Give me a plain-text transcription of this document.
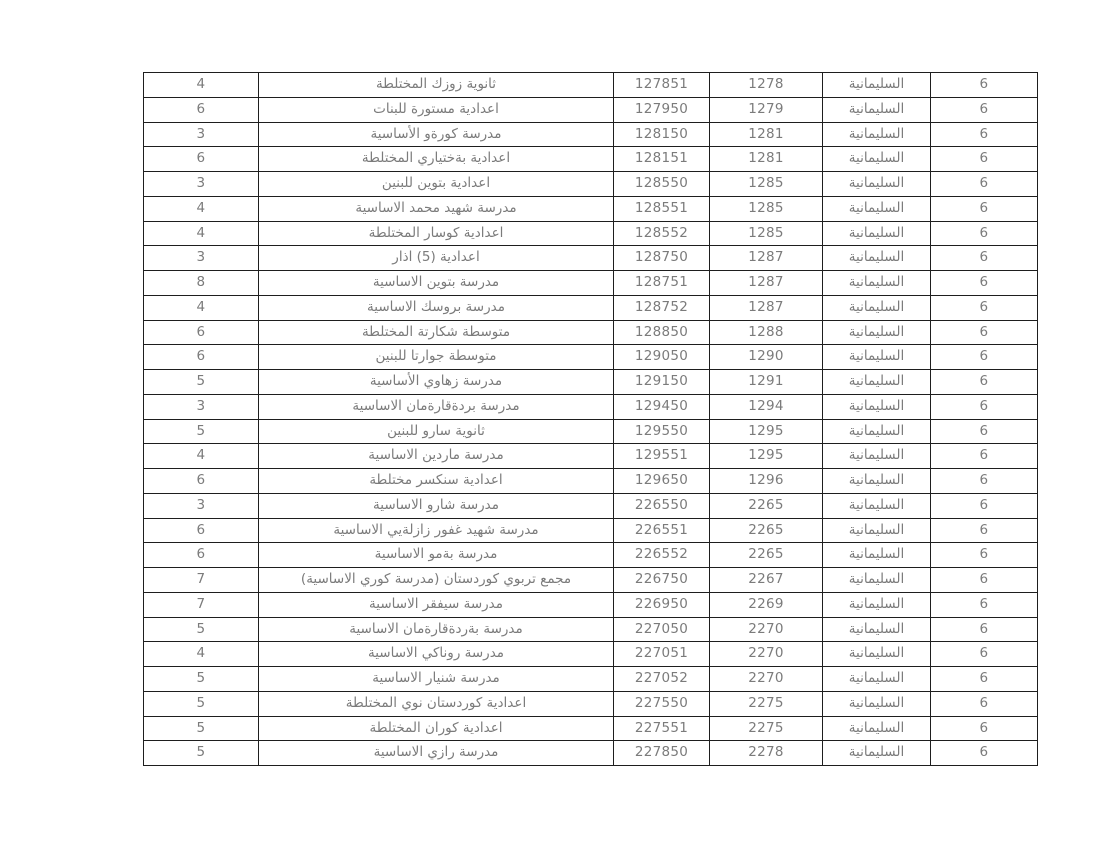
4	ثانوية زوزك المختلطة	127851	1278	السليمانية	6
6	اعدادية مستورة للبنات	127950	1279	السليمانية	6
3	مدرسة كورةو الأساسية	128150	1281	السليمانية	6
6	اعدادية بةختياري المختلطة	128151	1281	السليمانية	6
3	اعدادية بتوين للبنين	128550	1285	السليمانية	6
4	مدرسة شهيد محمد الاساسية	128551	1285	السليمانية	6
4	اعدادية كوسار المختلطة	128552	1285	السليمانية	6
3	اعدادية (5) اذار	128750	1287	السليمانية	6
8	مدرسة بتوين الاساسية	128751	1287	السليمانية	6
4	مدرسة بروسك الاساسية	128752	1287	السليمانية	6
6	متوسطة شكارتة المختلطة	128850	1288	السليمانية	6
6	متوسطة جوارتا للبنين	129050	1290	السليمانية	6
5	مدرسة زهاوي الأساسية	129150	1291	السليمانية	6
3	مدرسة بردةقارةمان الاساسية	129450	1294	السليمانية	6
5	ثانوية سارو للبنين	129550	1295	السليمانية	6
4	مدرسة ماردين الاساسية	129551	1295	السليمانية	6
6	اعدادية سنكسر مختلطة	129650	1296	السليمانية	6
3	مدرسة شارو الاساسية	226550	2265	السليمانية	6
6	مدرسة شهيد غفور زازلةيي الاساسية	226551	2265	السليمانية	6
6	مدرسة بةمو الاساسية	226552	2265	السليمانية	6
7	مجمع تربوي كوردستان (مدرسة كوري الاساسية)	226750	2267	السليمانية	6
7	مدرسة سيفقر الاساسية	226950	2269	السليمانية	6
5	مدرسة بةردةقارةمان الاساسية	227050	2270	السليمانية	6
4	مدرسة روناكي الاساسية	227051	2270	السليمانية	6
5	مدرسة شنيار الاساسية	227052	2270	السليمانية	6
5	اعدادية كوردستان نوي المختلطة	227550	2275	السليمانية	6
5	اعدادية كوران المختلطة	227551	2275	السليمانية	6
5	مدرسة رازي الاساسية	227850	2278	السليمانية	6
